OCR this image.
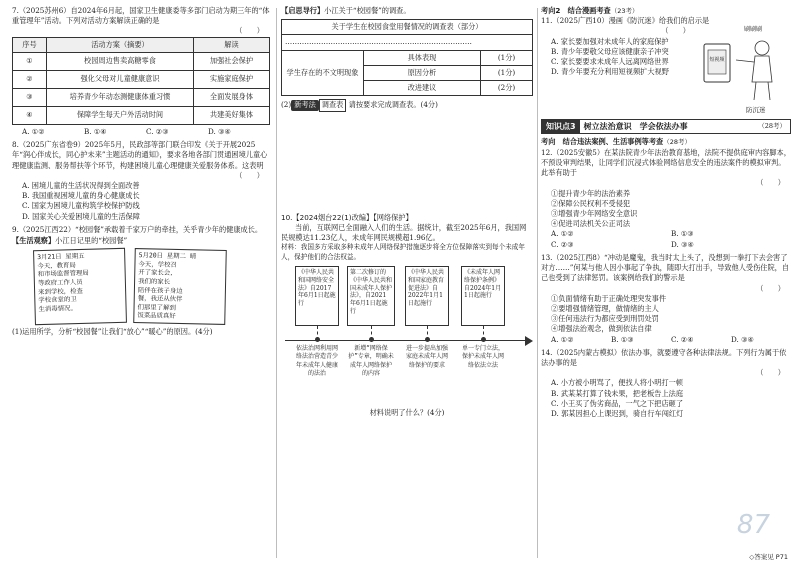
7.（2025苏州6）自2024年6月起，国家卫生健康委等多部门启动为期三年的“体重管理年”活动。下列对活动方案解读正确的是
（　　）
序号	活动方案（摘要）	解读
①	校园周边售卖高糖零食	加强社会保护
②	强化父母对儿童健康意识	实施家庭保护
③	培养青少年动态测健康体重习惯	全面发展身体
④	保障学生每天户外活动时间	共建美好集体
A. ①②	B. ①④	C. ②③	D. ③④
8.（2025广东省卷9）2025年5月，民政部等部门联合印发《关于开展2025年“润心伴成长，同心护未来”主题活动的通知》，要求各地各部门贯通困境儿童心理健康监测、服务帮扶等个环节，构建困境儿童心理健康关爱服务体系。这表明
（　　）
A. 困境儿童的生活状况得到全面改善
B. 我国重视困境儿童的身心健康成长
C. 国家为困境儿童构筑学校保护防线
D. 国家关心关爱困境儿童的生活保障
9.（2025江西22）“校园餐”承载着千家万户的牵挂，关乎青少年的健康成长。
【生活观察】小江日记里的“校园餐”
3月21日 星期五
今天，教育局
和市场监督管理局
等政府工作人员
来到学校，检查
学校食堂的卫
生消毒情况。
5月20日 星期二 晴
今天，学校召
开了家长会，
我们的家长
陪伴在孩子身边
餐，我还从伙伴
们那里了解到
饭菜品质真好
(1)运用所学，分析“校园餐”让我们“放心”“暖心”的原因。(4分)
【启思导行】小江关于“校园餐”的调查。
关于学生在校园食堂用餐情况的调查表（部分）		
……………………………………………………………………		
学生存在的不文明现象	具体表现	(1分)
	原因分析	(1分)
	改进建议	(2分)
(2) 新考法 调查表 请按要求完成调查表。(4分)
10.【2024烟台22(1)改编】【网络保护】
当前，互联网已全面融入人们的生活。据统计，截至2025年6月，我国网民规模达11.23亿人，未成年网民规模超1.96亿。
材料：我国多方采取多种未成年人网络保护措施逐步将全方位保障落实到每个未成年人，保护他们的合法权益。
《中华人民共和国网络安全法》自2017年6月1日起施行
第二次修订的《中华人民共和国未成年人保护法》，自2021年6月1日起施行
《中华人民共和国家庭教育促进法》自2022年1月1日起施行
《未成年人网络保护条例》自2024年1月1日起施行
依法治网利用网络法治营造青少年未成年人健康的法治
新增“网络保护”专章，明确未成年人网络保护的内容
进一步提出加强家庭未成年人网络保护的要求
单一专门立法，保护未成年人网络依法立法
材料说明了什么？(4分)
考向2　结合漫画考查（23考）
11.（2025广西10）漫画《防沉迷》给我们的启示是
（　　）
A. 家长要加强对未成年人的家庭保护
B. 青少年要敬父母应该健康亲子冲突
C. 家长要要求未成年人远离网络世界
D. 青少年要充分利用短视频扩大视野
刷刷刷
短视频
防沉迷
知识点3	树立法治意识　学会依法办事	（28考）
考向　结合违法案例、生活事例等考查（28考）
12.（2025安徽5）在某法院青少年法治教育基地，法院不提供庭审内容脚本，不预设审判结果，让同学们沉浸式体验网络信息安全的违法案件的模拟审判。此举有助于
（　　）
①提升青少年的法治素养
②保障公民权利不受侵犯
③增强青少年网络安全意识
④促进司法机关公正司法
A. ①②	B. ①③
C. ②③	D. ③④
13.（2025江西8）“冲动是魔鬼，我当时太上头了，没想到一拳打下去会害了对方……”何某与他人因小事起了争执，随即大打出手，导致他人受伤住院，自己也受到了法律惩罚。该案例给我们的警示是
（　　）
①负面情绪有助于正确处理突发事件
②要增强情绪管理，做情绪的主人
③任何违法行为都应受到刑罚处罚
④增强法治观念，做到依法自律
A. ①②	B. ①③	C. ②④	D. ③④
14.（2025内蒙古模拟）依法办事，就要遵守各种法律法规。下列行为属于依法办事的是
（　　）
A. 小方被小明骂了，便找人将小明打一顿
B. 武某某打算了钱未果，把老板告上法庭
C. 小王买了伪劣商品，一气之下把店砸了
D. 郭某因担心上课迟到，骑自行车闯红灯
87
◇答案见 P71
